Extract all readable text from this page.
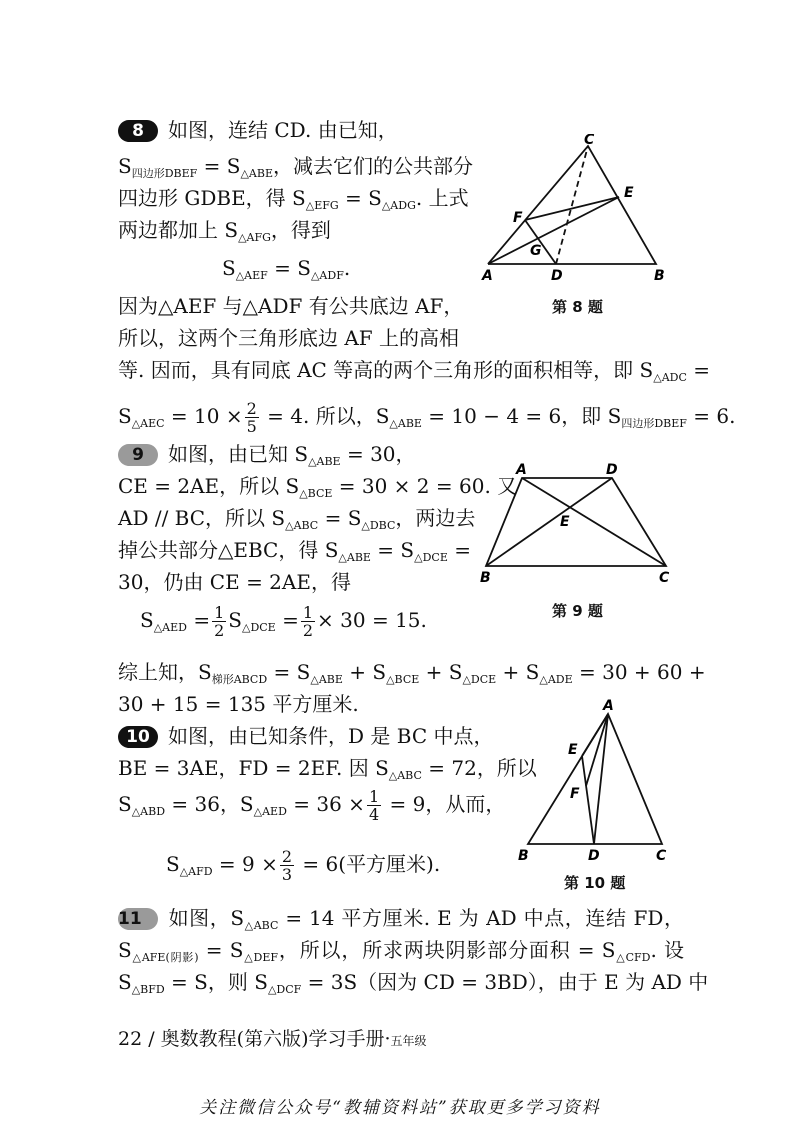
8 如图，连结 CD. 由已知，
$S_{四边形DBEF} = S_{\triangle ABE}$，减去它们的公共部分
四边形 GDBE，得 $S_{\triangle EFG} = S_{\triangle ADG}$. 上式
两边都加上 $S_{\triangle AFG}$，得到
$S_{\triangle AEF} = S_{\triangle ADF}$.
因为△AEF 与△ADF 有公共底边 AF，
所以，这两个三角形底边 AF 上的高相
等. 因而，具有同底 AC 等高的两个三角形的面积相等，即 $S_{\triangle ADC}$ =
$S_{\triangle AEC} = 10 \times \frac{2}{5} = 4$. 所以，$S_{\triangle ABE} = 10 - 4 = 6$，即 $S_{四边形DBEF} = 6$.
C
E
F
G
A	D	B
第 8 题
9 如图，由已知 $S_{\triangle ABE} = 30$，
CE = 2AE，所以 $S_{\triangle BCE} = 30 \times 2 = 60$. 又
AD // BC，所以 $S_{\triangle ABC} = S_{\triangle DBC}$，两边去
掉公共部分△EBC，得 $S_{\triangle ABE} = S_{\triangle DCE}$ =
30，仍由 CE = 2AE，得
$S_{\triangle AED} = \frac{1}{2} S_{\triangle DCE} = \frac{1}{2} \times 30 = 15$.
A	D
E
B	C
第 9 题
综上知，$S_{梯形ABCD} = S_{\triangle ABE} + S_{\triangle BCE} + S_{\triangle DCE} + S_{\triangle ADE} = 30 + 60$ +
30 + 15 = 135 平方厘米.
10 如图，由已知条件，D 是 BC 中点，
BE = 3AE，FD = 2EF. 因 $S_{\triangle ABC} = 72$，所以
$S_{\triangle ABD} = 36$，$S_{\triangle AED} = 36 \times \frac{1}{4} = 9$，从而，
$S_{\triangle AFD} = 9 \times \frac{2}{3} = 6$(平方厘米).
A
E
F
B	D	C
第 10 题
11 如图，$S_{\triangle ABC} = 14$ 平方厘米. E 为 AD 中点，连结 FD，
$S_{\triangle AFE(阴影)} = S_{\triangle DEF}$，所以，所求两块阴影部分面积 = $S_{\triangle CFD}$. 设
$S_{\triangle BFD} = S$，则 $S_{\triangle DCF} = 3S$（因为 CD = 3BD），由于 E 为 AD 中
22 / 奥数教程(第六版)学习手册·五年级
关注微信公众号“教辅资料站”获取更多学习资料
